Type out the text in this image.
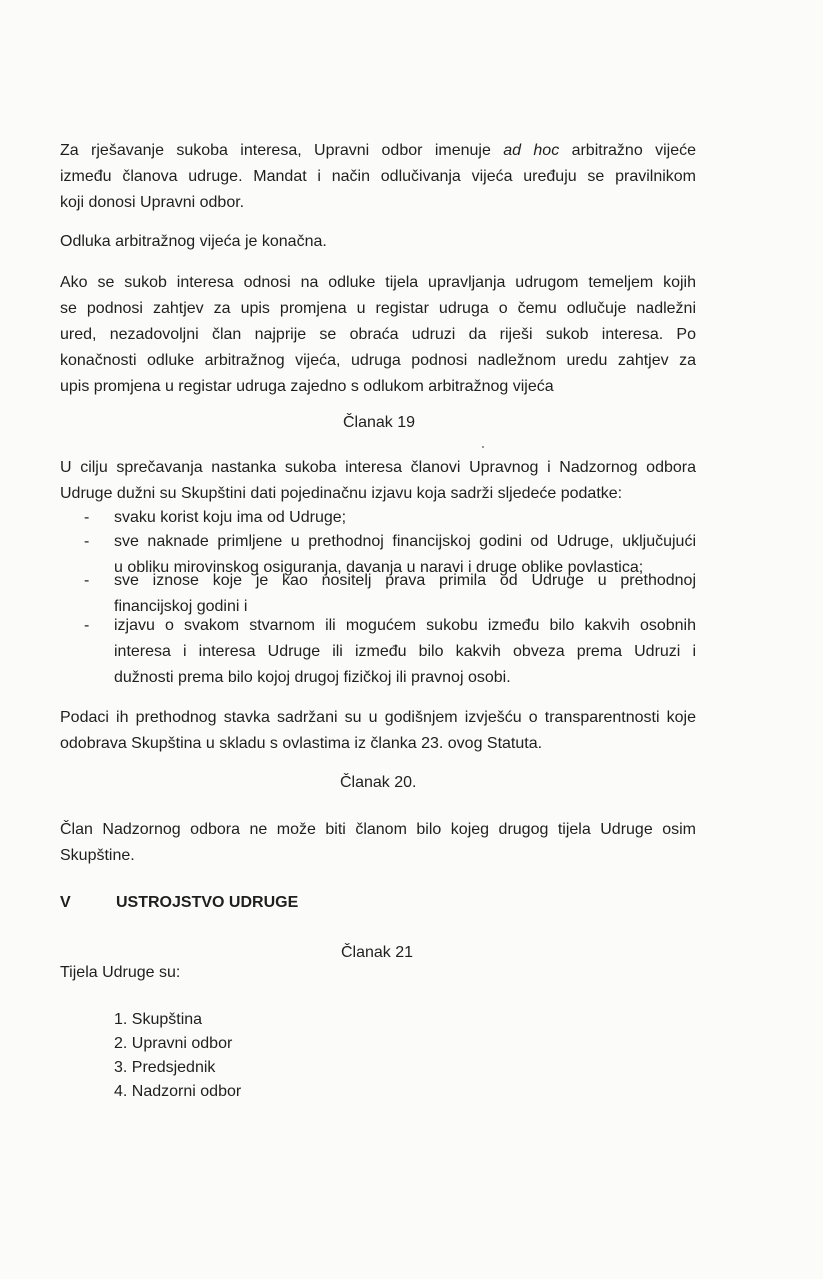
Za rješavanje sukoba interesa, Upravni odbor imenuje ad hoc arbitražno vijeće
između članova udruge. Mandat i način odlučivanja vijeća uređuju se pravilnikom
koji donosi Upravni odbor.
Odluka arbitražnog vijeća je konačna.
Ako se sukob interesa odnosi na odluke tijela upravljanja udrugom temeljem kojih
se podnosi zahtjev za upis promjena u registar udruga o čemu odlučuje nadležni
ured, nezadovoljni član najprije se obraća udruzi da riješi sukob interesa. Po
konačnosti odluke arbitražnog vijeća, udruga podnosi nadležnom uredu zahtjev za
upis promjena u registar udruga zajedno s odlukom arbitražnog vijeća
Članak 19
U cilju sprečavanja nastanka sukoba interesa članovi Upravnog i Nadzornog odbora
Udruge dužni su Skupštini dati pojedinačnu izjavu koja sadrži sljedeće podatke:
- svaku korist koju ima od Udruge;
- sve naknade primljene u prethodnoj financijskoj godini od Udruge, uključujući
u obliku mirovinskog osiguranja, davanja u naravi i druge oblike povlastica;
- sve iznose koje je kao nositelj prava primila od Udruge u prethodnoj
financijskoj godini i
- izjavu o svakom stvarnom ili mogućem sukobu između bilo kakvih osobnih
interesa i interesa Udruge ili između bilo kakvih obveza prema Udruzi i
dužnosti prema bilo kojoj drugoj fizičkoj ili pravnoj osobi.
Podaci ih prethodnog stavka sadržani su u godišnjem izvješću o transparentnosti koje
odobrava Skupština u skladu s ovlastima iz članka 23. ovog Statuta.
Članak 20.
Član Nadzornog odbora ne može biti članom bilo kojeg drugog tijela Udruge osim
Skupštine.
V	USTROJSTVO UDRUGE
Članak 21
Tijela Udruge su:
1. Skupština
2. Upravni odbor
3. Predsjednik
4. Nadzorni odbor
